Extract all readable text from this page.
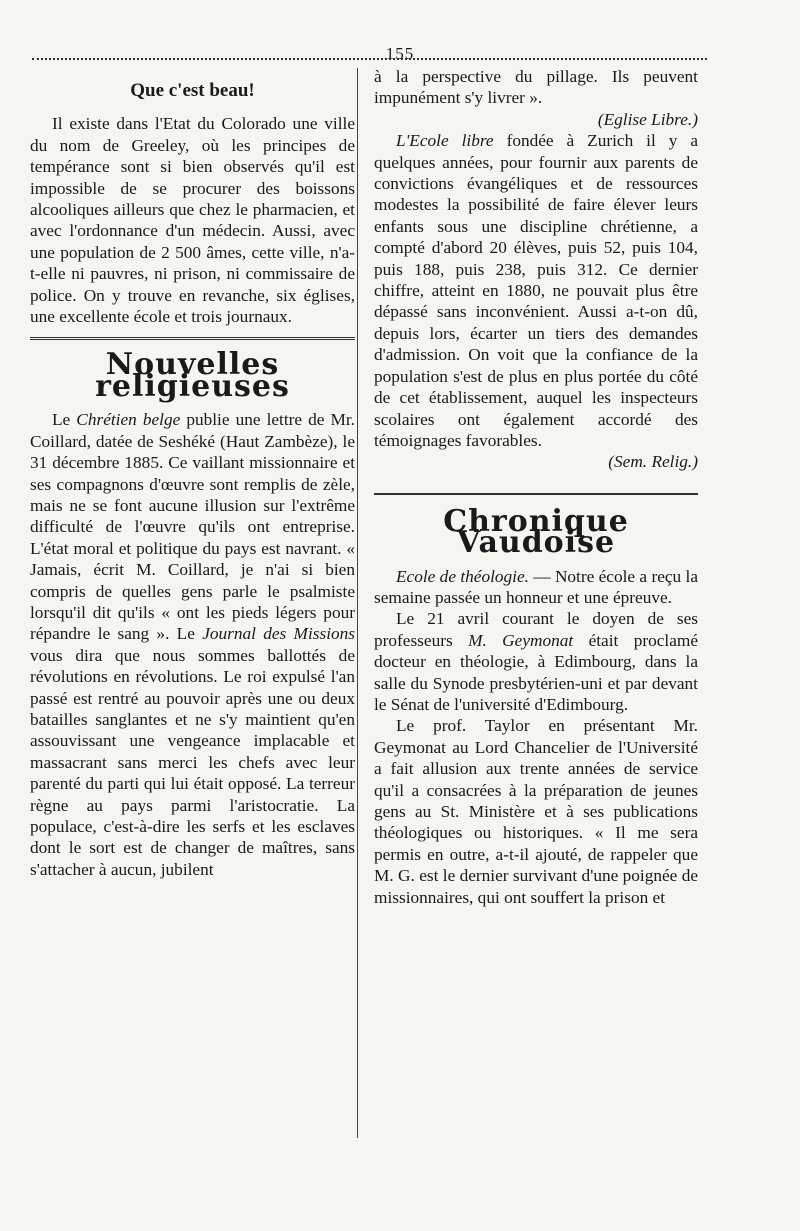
155
Que c'est beau!

Il existe dans l'Etat du Colorado une ville du nom de Greeley, où les principes de tempérance sont si bien observés qu'il est impossible de se procurer des boissons alcooliques ailleurs que chez le pharmacien, et avec l'ordonnance d'un médecin. Aussi, avec une population de 2 500 âmes, cette ville, n'a-t-elle ni pauvres, ni prison, ni commissaire de police. On y trouve en revanche, six églises, une excellente école et trois journaux.

Nouvelles religieuses

Le Chrétien belge publie une lettre de Mr. Coillard, datée de Seshéké (Haut Zambèze), le 31 décembre 1885. Ce vaillant missionnaire et ses compagnons d'œuvre sont remplis de zèle, mais ne se font aucune illusion sur l'extrême difficulté de l'œuvre qu'ils ont entreprise. L'état moral et politique du pays est navrant. « Jamais, écrit M. Coillard, je n'ai si bien compris de quelles gens parle le psalmiste lorsqu'il dit qu'ils « ont les pieds légers pour répandre le sang ». Le Journal des Missions vous dira que nous sommes ballottés de révolutions en révolutions. Le roi expulsé l'an passé est rentré au pouvoir après une ou deux batailles sanglantes et ne s'y maintient qu'en assouvissant une vengeance implacable et massacrant sans merci les chefs avec leur parenté du parti qui lui était opposé. La terreur règne au pays parmi l'aristocratie. La populace, c'est-à-dire les serfs et les esclaves dont le sort est de changer de maîtres, sans s'attacher à aucun, jubilent

à la perspective du pillage. Ils peuvent impunément s'y livrer ».

(Eglise Libre.)

L'Ecole libre fondée à Zurich il y a quelques années, pour fournir aux parents de convictions évangéliques et de ressources modestes la possibilité de faire élever leurs enfants sous une discipline chrétienne, a compté d'abord 20 élèves, puis 52, puis 104, puis 188, puis 238, puis 312. Ce dernier chiffre, atteint en 1880, ne pouvait plus être dépassé sans inconvénient. Aussi a-t-on dû, depuis lors, écarter un tiers des demandes d'admission. On voit que la confiance de la population s'est de plus en plus portée du côté de cet établissement, auquel les inspecteurs scolaires ont également accordé des témoignages favorables.

(Sem. Relig.)
Chronique Vaudoise

Ecole de théologie. — Notre école a reçu la semaine passée un honneur et une épreuve.

Le 21 avril courant le doyen de ses professeurs M. Geymonat était proclamé docteur en théologie, à Edimbourg, dans la salle du Synode presbytérien-uni et par devant le Sénat de l'université d'Edimbourg.

Le prof. Taylor en présentant Mr. Geymonat au Lord Chancelier de l'Université a fait allusion aux trente années de service qu'il a consacrées à la préparation de jeunes gens au St. Ministère et à ses publications théologiques ou historiques. « Il me sera permis en outre, a-t-il ajouté, de rappeler que M. G. est le dernier survivant d'une poignée de missionnaires, qui ont souffert la prison et
